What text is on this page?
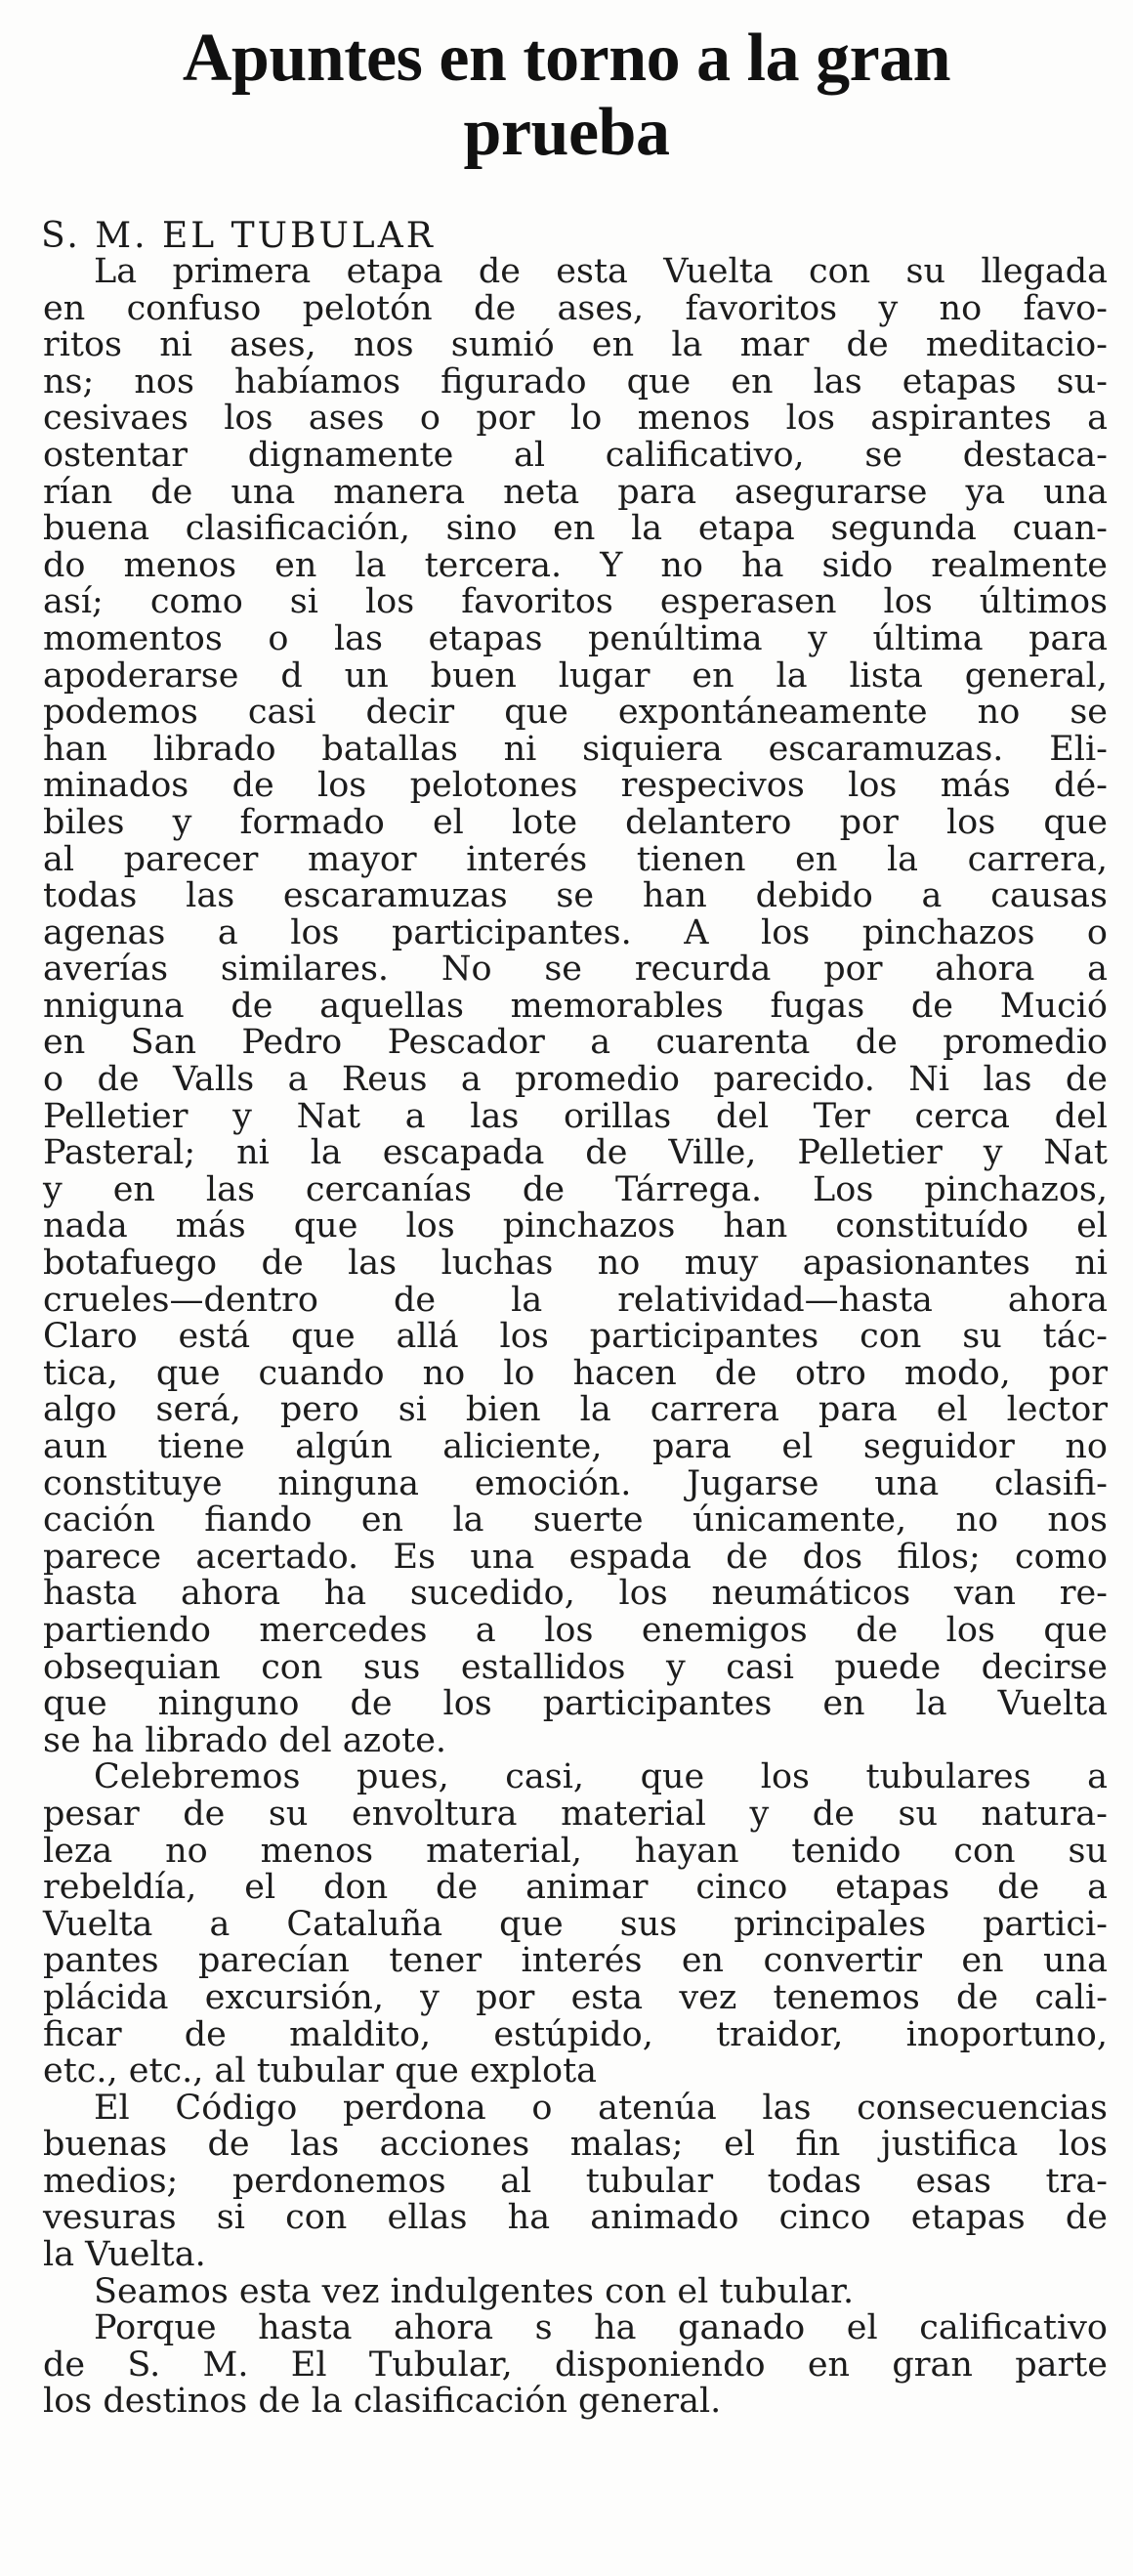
Apuntes en torno a la gran
prueba
S. M. EL TUBULAR
La primera etapa de esta Vuelta con su llegada
en confuso pelotón de ases, favoritos y no favo-
ritos ni ases, nos sumió en la mar de meditacio-
ns; nos habíamos figurado que en las etapas su-
cesivaes los ases o por lo menos los aspirantes a
ostentar dignamente al calificativo, se destaca-
rían de una manera neta para asegurarse ya una
buena clasificación, sino en la etapa segunda cuan-
do menos en la tercera. Y no ha sido realmente
así; como si los favoritos esperasen los últimos
momentos o las etapas penúltima y última para
apoderarse d un buen lugar en la lista general,
podemos casi decir que expontáneamente no se
han librado batallas ni siquiera escaramuzas. Eli-
minados de los pelotones respecivos los más dé-
biles y formado el lote delantero por los que
al parecer mayor interés tienen en la carrera,
todas las escaramuzas se han debido a causas
agenas a los participantes. A los pinchazos o
averías similares. No se recurda por ahora a
nniguna de aquellas memorables fugas de Mució
en San Pedro Pescador a cuarenta de promedio
o de Valls a Reus a promedio parecido. Ni las de
Pelletier y Nat a las orillas del Ter cerca del
Pasteral; ni la escapada de Ville, Pelletier y Nat
y en las cercanías de Tárrega. Los pinchazos,
nada más que los pinchazos han constituído el
botafuego de las luchas no muy apasionantes ni
crueles—dentro de la relatividad—hasta ahora
Claro está que allá los participantes con su tác-
tica, que cuando no lo hacen de otro modo, por
algo será, pero si bien la carrera para el lector
aun tiene algún aliciente, para el seguidor no
constituye ninguna emoción. Jugarse una clasifi-
cación fiando en la suerte únicamente, no nos
parece acertado. Es una espada de dos filos; como
hasta ahora ha sucedido, los neumáticos van re-
partiendo mercedes a los enemigos de los que
obsequian con sus estallidos y casi puede decirse
que ninguno de los participantes en la Vuelta
se ha librado del azote.
Celebremos pues, casi, que los tubulares a
pesar de su envoltura material y de su natura-
leza no menos material, hayan tenido con su
rebeldía, el don de animar cinco etapas de a
Vuelta a Cataluña que sus principales partici-
pantes parecían tener interés en convertir en una
plácida excursión, y por esta vez tenemos de cali-
ficar de maldito, estúpido, traidor, inoportuno,
etc., etc., al tubular que explota
El Código perdona o atenúa las consecuencias
buenas de las acciones malas; el fin justifica los
medios; perdonemos al tubular todas esas tra-
vesuras si con ellas ha animado cinco etapas de
la Vuelta.
Seamos esta vez indulgentes con el tubular.
Porque hasta ahora s ha ganado el calificativo
de S. M. El Tubular, disponiendo en gran parte
los destinos de la clasificación general.
